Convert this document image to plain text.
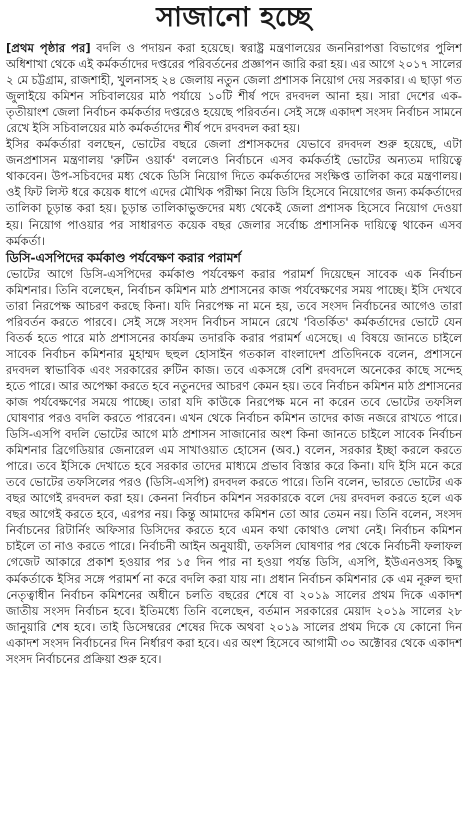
সাজানো হচ্ছে

[প্রথম পৃষ্ঠার পর] বদলি ও পদায়ন করা হয়েছে। স্বরাষ্ট্র মন্ত্রণালয়ের জননিরাপত্তা বিভাগের পুলিশ অধিশাখা থেকে এই কর্মকর্তাদের দপ্তরের পরিবর্তনের প্রজ্ঞাপন জারি করা হয়। এর আগে ২০১৭ সালের ২ মে চট্টগ্রাম, রাজশাহী, খুলনাসহ ২৪ জেলায় নতুন জেলা প্রশাসক নিয়োগ দেয় সরকার। এ ছাড়া গত জুলাইয়ে কমিশন সচিবালয়ের মাঠ পর্যায়ে ১০টি শীর্ষ পদে রদবদল আনা হয়। সারা দেশের এক-তৃতীয়াংশ জেলা নির্বাচন কর্মকর্তার দপ্তরেও হয়েছে পরিবর্তন। সেই সঙ্গে একাদশ সংসদ নির্বাচন সামনে রেখে ইসি সচিবালয়ের মাঠ কর্মকর্তাদের শীর্ষ পদে রদবদল করা হয়।

ইসির কর্মকর্তারা বলছেন, ভোটের বছরে জেলা প্রশাসকদের যেভাবে রদবদল শুরু হয়েছে, এটা জনপ্রশাসন মন্ত্রণালয় 'রুটিন ওয়ার্ক' বললেও নির্বাচনে এসব কর্মকর্তাই ভোটের অন্যতম দায়িত্বে থাকবেন। উপ-সচিবদের মধ্য থেকে ডিসি নিয়োগ দিতে কর্মকর্তাদের সংক্ষিপ্ত তালিকা করে মন্ত্রণালয়। ওই ফিট লিস্ট ধরে কয়েক ধাপে এদের মৌখিক পরীক্ষা নিয়ে ডিসি হিসেবে নিয়োগের জন্য কর্মকর্তাদের তালিকা চূড়ান্ত করা হয়। চূড়ান্ত তালিকাভুক্তদের মধ্য থেকেই জেলা প্রশাসক হিসেবে নিয়োগ দেওয়া হয়। নিয়োগ পাওয়ার পর সাধারণত কয়েক বছর জেলার সর্বোচ্চ প্রশাসনিক দায়িত্বে থাকেন এসব কর্মকর্তা।

ডিসি-এসপিদের কর্মকাণ্ড পর্যবেক্ষণ করার পরামর্শ

ভোটের আগে ডিসি-এসপিদের কর্মকাণ্ড পর্যবেক্ষণ করার পরামর্শ দিয়েছেন সাবেক এক নির্বাচন কমিশনার। তিনি বলেছেন, নির্বাচন কমিশন মাঠ প্রশাসনের কাজ পর্যবেক্ষণের সময় পাচ্ছে। ইসি দেখবে তারা নিরপেক্ষ আচরণ করছে কিনা। যদি নিরপেক্ষ না মনে হয়, তবে সংসদ নির্বাচনের আগেও তারা পরিবর্তন করতে পারবে। সেই সঙ্গে সংসদ নির্বাচন সামনে রেখে 'বিতর্কিত' কর্মকর্তাদের ভোটে যেন বিতর্ক হতে পারে মাঠ প্রশাসনের কার্যক্রম তদারকি করার পরামর্শ এসেছে। এ বিষয়ে জানতে চাইলে সাবেক নির্বাচন কমিশনার মুহাম্মদ ছহুল হোসাইন গতকাল বাংলাদেশ প্রতিদিনকে বলেন, প্রশাসনে রদবদল স্বাভাবিক এবং সরকারের রুটিন কাজ। তবে একসঙ্গে বেশি রদবদলে অনেকের কাছে সন্দেহ হতে পারে। আর অপেক্ষা করতে হবে নতুনদের আচরণ কেমন হয়। তবে নির্বাচন কমিশন মাঠ প্রশাসনের কাজ পর্যবেক্ষণের সময়ে পাচ্ছে। তারা যদি কাউকে নিরপেক্ষ মনে না করেন তবে ভোটের তফসিল ঘোষণার পরও বদলি করতে পারবেন। এখন থেকে নির্বাচন কমিশন তাদের কাজ নজরে রাখতে পারে। ডিসি-এসপি বদলি ভোটের আগে মাঠ প্রশাসন সাজানোর অংশ কিনা জানতে চাইলে সাবেক নির্বাচন কমিশনার ব্রিগেডিয়ার জেনারেল এম সাখাওয়াত হোসেন (অব.) বলেন, সরকার ইচ্ছা করলে করতে পারে। তবে ইসিকে দেখাতে হবে সরকার তাদের মাধ্যমে প্রভাব বিস্তার করে কিনা। যদি ইসি মনে করে তবে ভোটের তফসিলের পরও (ডিসি-এসপি) রদবদল করতে পারে। তিনি বলেন, ভারতে ভোটের এক বছর আগেই রদবদল করা হয়। কেননা নির্বাচন কমিশন সরকারকে বলে দেয় রদবদল করতে হলে এক বছর আগেই করতে হবে, এরপর নয়। কিন্তু আমাদের কমিশন তো আর তেমন নয়। তিনি বলেন, সংসদ নির্বাচনের রিটার্নিং অফিসার ডিসিদের করতে হবে এমন কথা কোথাও লেখা নেই। নির্বাচন কমিশন চাইলে তা নাও করতে পারে। নির্বাচনী আইন অনুযায়ী, তফসিল ঘোষণার পর থেকে নির্বাচনী ফলাফল গেজেট আকারে প্রকাশ হওয়ার পর ১৫ দিন পার না হওয়া পর্যন্ত ডিসি, এসপি, ইউএনওসহ কিছু কর্মকর্তাকে ইসির সঙ্গে পরামর্শ না করে বদলি করা যায় না। প্রধান নির্বাচন কমিশনার কে এম নূরুল হুদা নেতৃত্বাধীন নির্বাচন কমিশনের অধীনে চলতি বছরের শেষে বা ২০১৯ সালের প্রথম দিকে একাদশ জাতীয় সংসদ নির্বাচন হবে। ইতিমধ্যে তিনি বলেছেন, বর্তমান সরকারের মেয়াদ ২০১৯ সালের ২৮ জানুয়ারি শেষ হবে। তাই ডিসেম্বরের শেষের দিকে অথবা ২০১৯ সালের প্রথম দিকে যে কোনো দিন একাদশ সংসদ নির্বাচনের দিন নির্ধারণ করা হবে। এর অংশ হিসেবে আগামী ৩০ অক্টোবর থেকে একাদশ সংসদ নির্বাচনের প্রক্রিয়া শুরু হবে।
